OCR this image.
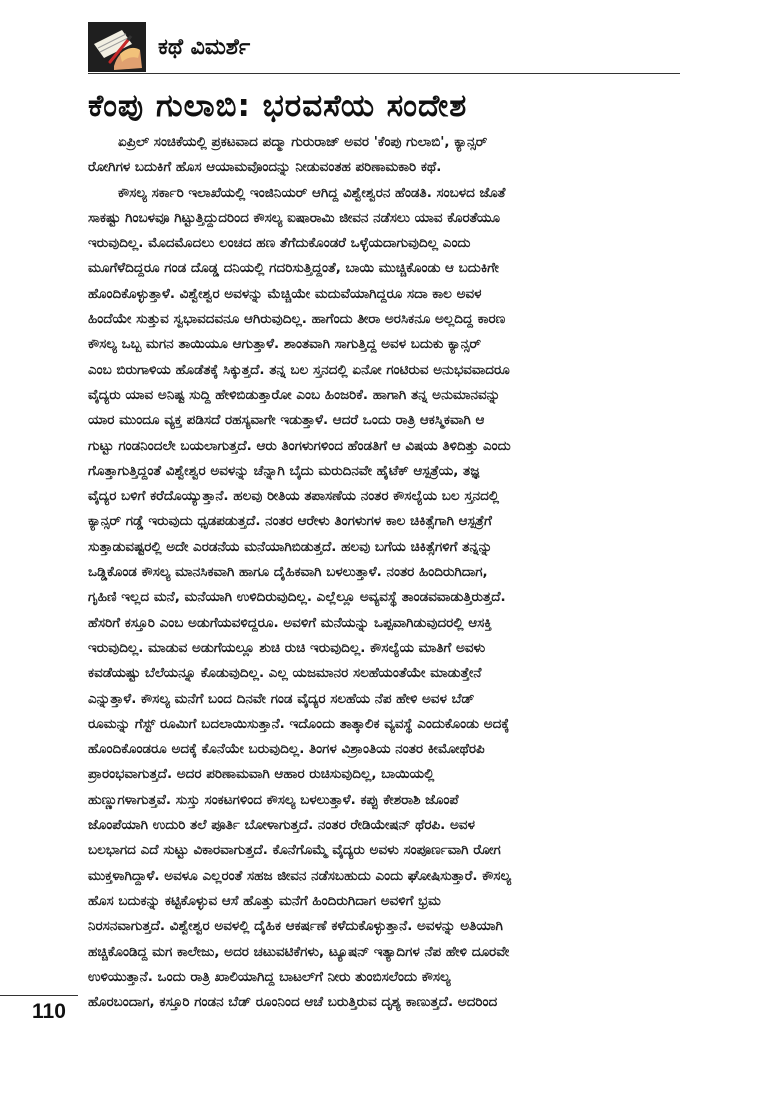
ಕಥೆ ವಿಮರ್ಶೆ
ಕೆಂಪು ಗುಲಾಬಿ: ಭರವಸೆಯ ಸಂದೇಶ
ಏಪ್ರಿಲ್ ಸಂಚಿಕೆಯಲ್ಲಿ ಪ್ರಕಟವಾದ ಪದ್ಮಾ ಗುರುರಾಜ್ ಅವರ 'ಕೆಂಪು ಗುಲಾಬಿ', ಕ್ಯಾನ್ಸರ್
ರೋಗಿಗಳ ಬದುಕಿಗೆ ಹೊಸ ಆಯಾಮವೊಂದನ್ನು ನೀಡುವಂತಹ ಪರಿಣಾಮಕಾರಿ ಕಥೆ.
ಕೌಸಲ್ಯ ಸರ್ಕಾರಿ ಇಲಾಖೆಯಲ್ಲಿ ಇಂಜಿನಿಯರ್ ಆಗಿದ್ದ ವಿಶ್ವೇಶ್ವರನ ಹೆಂಡತಿ. ಸಂಬಳದ ಜೊತೆ
ಸಾಕಷ್ಟು ಗಿಂಬಳವೂ ಗಿಟ್ಟುತ್ತಿದ್ದುದರಿಂದ ಕೌಸಲ್ಯ ಐಷಾರಾಮಿ ಜೀವನ ನಡೆಸಲು ಯಾವ ಕೊರತೆಯೂ
ಇರುವುದಿಲ್ಲ. ಮೊದಮೊದಲು ಲಂಚದ ಹಣ ತೆಗೆದುಕೊಂಡರೆ ಒಳ್ಳೆಯದಾಗುವುದಿಲ್ಲ ಎಂದು
ಮೂಗೆಳೆದಿದ್ದರೂ ಗಂಡ ದೊಡ್ಡ ದನಿಯಲ್ಲಿ ಗದರಿಸುತ್ತಿದ್ದಂತೆ, ಬಾಯಿ ಮುಚ್ಚಿಕೊಂಡು ಆ ಬದುಕಿಗೇ
ಹೊಂದಿಕೊಳ್ಳುತ್ತಾಳೆ. ವಿಶ್ವೇಶ್ವರ ಅವಳನ್ನು ಮೆಚ್ಚಿಯೇ ಮದುವೆಯಾಗಿದ್ದರೂ ಸದಾ ಕಾಲ ಅವಳ
ಹಿಂದೆಯೇ ಸುತ್ತುವ ಸ್ವಭಾವದವನೂ ಆಗಿರುವುದಿಲ್ಲ. ಹಾಗೆಂದು ತೀರಾ ಅರಸಿಕನೂ ಅಲ್ಲದಿದ್ದ ಕಾರಣ
ಕೌಸಲ್ಯ ಒಬ್ಬ ಮಗನ ತಾಯಿಯೂ ಆಗುತ್ತಾಳೆ. ಶಾಂತವಾಗಿ ಸಾಗುತ್ತಿದ್ದ ಅವಳ ಬದುಕು ಕ್ಯಾನ್ಸರ್
ಎಂಬ ಬಿರುಗಾಳಿಯ ಹೊಡೆತಕ್ಕೆ ಸಿಕ್ಕುತ್ತದೆ. ತನ್ನ ಬಲ ಸ್ತನದಲ್ಲಿ ಏನೋ ಗಂಟಿರುವ ಅನುಭವವಾದರೂ
ವೈದ್ಯರು ಯಾವ ಅನಿಷ್ಟ ಸುದ್ದಿ ಹೇಳಿಬಿಡುತ್ತಾರೋ ಎಂಬ ಹಿಂಜರಿಕೆ. ಹಾಗಾಗಿ ತನ್ನ ಅನುಮಾನವನ್ನು
ಯಾರ ಮುಂದೂ ವ್ಯಕ್ತ ಪಡಿಸದೆ ರಹಸ್ಯವಾಗೇ ಇಡುತ್ತಾಳೆ. ಆದರೆ ಒಂದು ರಾತ್ರಿ ಆಕಸ್ಮಿಕವಾಗಿ ಆ
ಗುಟ್ಟು ಗಂಡನಿಂದಲೇ ಬಯಲಾಗುತ್ತದೆ. ಆರು ತಿಂಗಳುಗಳಿಂದ ಹೆಂಡತಿಗೆ ಆ ವಿಷಯ ತಿಳಿದಿತ್ತು ಎಂದು
ಗೊತ್ತಾಗುತ್ತಿದ್ದಂತೆ ವಿಶ್ವೇಶ್ವರ ಅವಳನ್ನು ಚೆನ್ನಾಗಿ ಬೈದು ಮರುದಿನವೇ ಹೈಟೆಕ್ ಆಸ್ಪತ್ರೆಯ, ತಜ್ಞ
ವೈದ್ಯರ ಬಳಿಗೆ ಕರೆದೊಯ್ಯುತ್ತಾನೆ. ಹಲವು ರೀತಿಯ ತಪಾಸಣೆಯ ನಂತರ ಕೌಸಲ್ಯೆಯ ಬಲ ಸ್ತನದಲ್ಲಿ
ಕ್ಯಾನ್ಸರ್ ಗಡ್ಡೆ ಇರುವುದು ಧೃಡಪಡುತ್ತದೆ. ನಂತರ ಆರೇಳು ತಿಂಗಳುಗಳ ಕಾಲ ಚಿಕಿತ್ಸೆಗಾಗಿ ಆಸ್ಪತ್ರೆಗೆ
ಸುತ್ತಾಡುವಷ್ಟರಲ್ಲಿ ಅದೇ ಎರಡನೆಯ ಮನೆಯಾಗಿಬಿಡುತ್ತದೆ. ಹಲವು ಬಗೆಯ ಚಿಕಿತ್ಸೆಗಳಿಗೆ ತನ್ನನ್ನು
ಒಡ್ಡಿಕೊಂಡ ಕೌಸಲ್ಯ ಮಾನಸಿಕವಾಗಿ ಹಾಗೂ ದೈಹಿಕವಾಗಿ ಬಳಲುತ್ತಾಳೆ. ನಂತರ ಹಿಂದಿರುಗಿದಾಗ,
ಗೃಹಿಣಿ ಇಲ್ಲದ ಮನೆ, ಮನೆಯಾಗಿ ಉಳಿದಿರುವುದಿಲ್ಲ. ಎಲ್ಲೆಲ್ಲೂ ಅವ್ಯವಸ್ಥೆ ತಾಂಡವವಾಡುತ್ತಿರುತ್ತದೆ.
ಹೆಸರಿಗೆ ಕಸ್ತೂರಿ ಎಂಬ ಅಡುಗೆಯವಳಿದ್ದರೂ. ಅವಳಿಗೆ ಮನೆಯನ್ನು ಒಪ್ಪವಾಗಿಡುವುದರಲ್ಲಿ ಆಸಕ್ತಿ
ಇರುವುದಿಲ್ಲ. ಮಾಡುವ ಅಡುಗೆಯಲ್ಲೂ ಶುಚಿ ರುಚಿ ಇರುವುದಿಲ್ಲ. ಕೌಸಲ್ಯೆಯ ಮಾತಿಗೆ ಅವಳು
ಕವಡೆಯಷ್ಟು ಬೆಲೆಯನ್ನೂ ಕೊಡುವುದಿಲ್ಲ. ಎಲ್ಲ ಯಜಮಾನರ ಸಲಹೆಯಂತೆಯೇ ಮಾಡುತ್ತೇನೆ
ಎನ್ನುತ್ತಾಳೆ. ಕೌಸಲ್ಯ ಮನೆಗೆ ಬಂದ ದಿನವೇ ಗಂಡ ವೈದ್ಯರ ಸಲಹೆಯ ನೆಪ ಹೇಳಿ ಅವಳ ಬೆಡ್
ರೂಮನ್ನು ಗೆಸ್ಟ್ ರೂಮಿಗೆ ಬದಲಾಯಿಸುತ್ತಾನೆ. ಇದೊಂದು ತಾತ್ಕಾಲಿಕ ವ್ಯವಸ್ಥೆ ಎಂದುಕೊಂಡು ಅದಕ್ಕೆ
ಹೊಂದಿಕೊಂಡರೂ ಅದಕ್ಕೆ ಕೊನೆಯೇ ಬರುವುದಿಲ್ಲ. ತಿಂಗಳ ವಿಶ್ರಾಂತಿಯ ನಂತರ ಕೀಮೋಥೆರಪಿ
ಪ್ರಾರಂಭವಾಗುತ್ತದೆ. ಅದರ ಪರಿಣಾಮವಾಗಿ ಆಹಾರ ರುಚಿಸುವುದಿಲ್ಲ, ಬಾಯಿಯಲ್ಲಿ
ಹುಣ್ಣುಗಳಾಗುತ್ತವೆ. ಸುಸ್ತು ಸಂಕಟಗಳಿಂದ ಕೌಸಲ್ಯ ಬಳಲುತ್ತಾಳೆ. ಕಪ್ಪು ಕೇಶರಾಶಿ ಜೊಂಪೆ
ಜೊಂಪೆಯಾಗಿ ಉದುರಿ ತಲೆ ಪೂರ್ತಿ ಬೋಳಾಗುತ್ತದೆ. ನಂತರ ರೇಡಿಯೇಷನ್ ಥೆರಪಿ. ಅವಳ
ಬಲಭಾಗದ ಎದೆ ಸುಟ್ಟು ವಿಕಾರವಾಗುತ್ತದೆ. ಕೊನೆಗೊಮ್ಮೆ ವೈದ್ಯರು ಅವಳು ಸಂಪೂರ್ಣವಾಗಿ ರೋಗ
ಮುಕ್ತಳಾಗಿದ್ದಾಳೆ. ಅವಳೂ ಎಲ್ಲರಂತೆ ಸಹಜ ಜೀವನ ನಡೆಸಬಹುದು ಎಂದು ಘೋಷಿಸುತ್ತಾರೆ. ಕೌಸಲ್ಯ
ಹೊಸ ಬದುಕನ್ನು ಕಟ್ಟಿಕೊಳ್ಳುವ ಆಸೆ ಹೊತ್ತು ಮನೆಗೆ ಹಿಂದಿರುಗಿದಾಗ ಅವಳಿಗೆ ಭ್ರಮ
ನಿರಸನವಾಗುತ್ತದೆ. ವಿಶ್ವೇಶ್ವರ ಅವಳಲ್ಲಿ ದೈಹಿಕ ಆಕರ್ಷಣೆ ಕಳೆದುಕೊಳ್ಳುತ್ತಾನೆ. ಅವಳನ್ನು ಅತಿಯಾಗಿ
ಹಚ್ಚಿಕೊಂಡಿದ್ದ ಮಗ ಕಾಲೇಜು, ಅದರ ಚಟುವಟಿಕೆಗಳು, ಟ್ಯೂಷನ್ ಇತ್ಯಾದಿಗಳ ನೆಪ ಹೇಳಿ ದೂರವೇ
ಉಳಿಯುತ್ತಾನೆ. ಒಂದು ರಾತ್ರಿ ಖಾಲಿಯಾಗಿದ್ದ ಬಾಟಲ್‌ಗೆ ನೀರು ತುಂಬಿಸಲೆಂದು ಕೌಸಲ್ಯ
ಹೊರಬಂದಾಗ, ಕಸ್ತೂರಿ ಗಂಡನ ಬೆಡ್ ರೂಂನಿಂದ ಆಚೆ ಬರುತ್ತಿರುವ ದೃಶ್ಯ ಕಾಣುತ್ತದೆ. ಅದರಿಂದ
110
